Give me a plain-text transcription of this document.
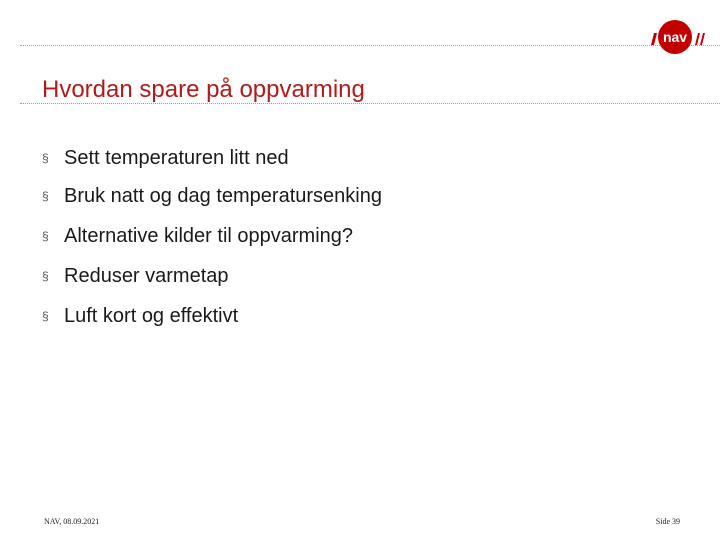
nav
Hvordan spare på oppvarming
§ Sett temperaturen litt ned
§ Bruk natt og dag temperatursenking
§ Alternative kilder til oppvarming?
§ Reduser varmetap
§ Luft kort og effektivt
NAV, 08.09.2021	Side 39
